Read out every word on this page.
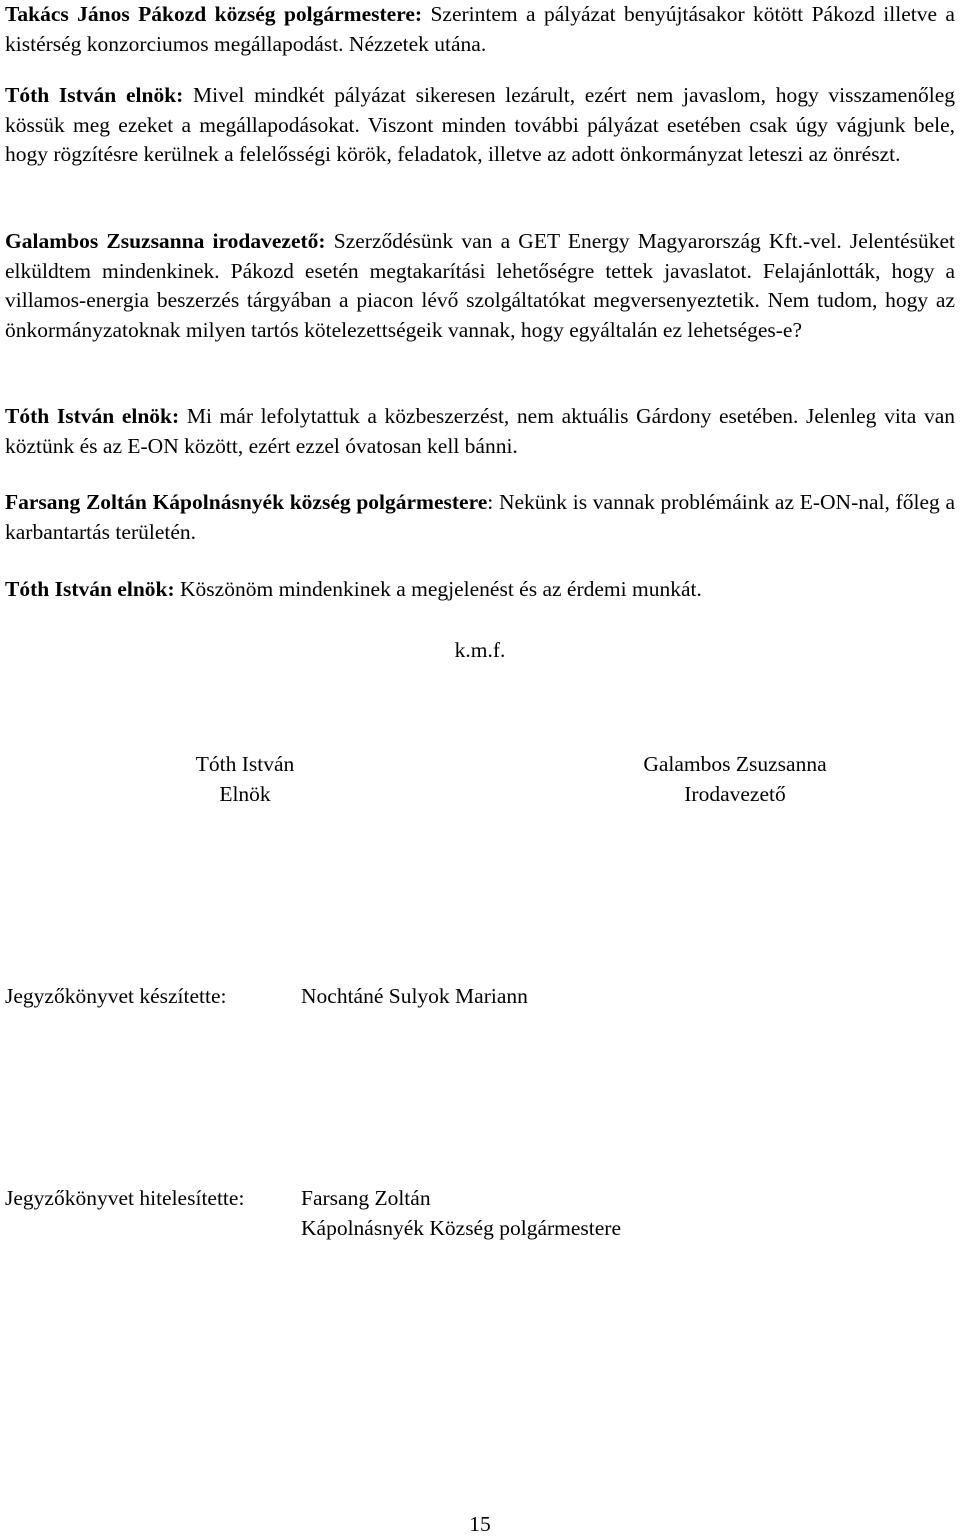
Takács János Pákozd község polgármestere: Szerintem a pályázat benyújtásakor kötött Pákozd illetve a kistérség konzorciumos megállapodást. Nézzetek utána.

Tóth István elnök: Mivel mindkét pályázat sikeresen lezárult, ezért nem javaslom, hogy visszamenőleg kössük meg ezeket a megállapodásokat. Viszont minden további pályázat esetében csak úgy vágjunk bele, hogy rögzítésre kerülnek a felelősségi körök, feladatok, illetve az adott önkormányzat leteszi az önrészt.

Galambos Zsuzsanna irodavezető: Szerződésünk van a GET Energy Magyarország Kft.-vel. Jelentésüket elküldtem mindenkinek. Pákozd esetén megtakarítási lehetőségre tettek javaslatot. Felajánlották, hogy a villamos-energia beszerzés tárgyában a piacon lévő szolgáltatókat megversenyeztetik. Nem tudom, hogy az önkormányzatoknak milyen tartós kötelezettségeik vannak, hogy egyáltalán ez lehetséges-e?

Tóth István elnök: Mi már lefolytattuk a közbeszerzést, nem aktuális Gárdony esetében. Jelenleg vita van köztünk és az E-ON között, ezért ezzel óvatosan kell bánni.

Farsang Zoltán Kápolnásnyék község polgármestere: Nekünk is vannak problémáink az E-ON-nal, főleg a karbantartás területén.

Tóth István elnök: Köszönöm mindenkinek a megjelenést és az érdemi munkát.

k.m.f.

Tóth István
Elnök
Galambos Zsuzsanna
Irodavezető
Jegyzőkönyvet készítette:	Nochtáné Sulyok Mariann
Jegyzőkönyvet hitelesítette:	Farsang Zoltán
Kápolnásnyék Község polgármestere
15
